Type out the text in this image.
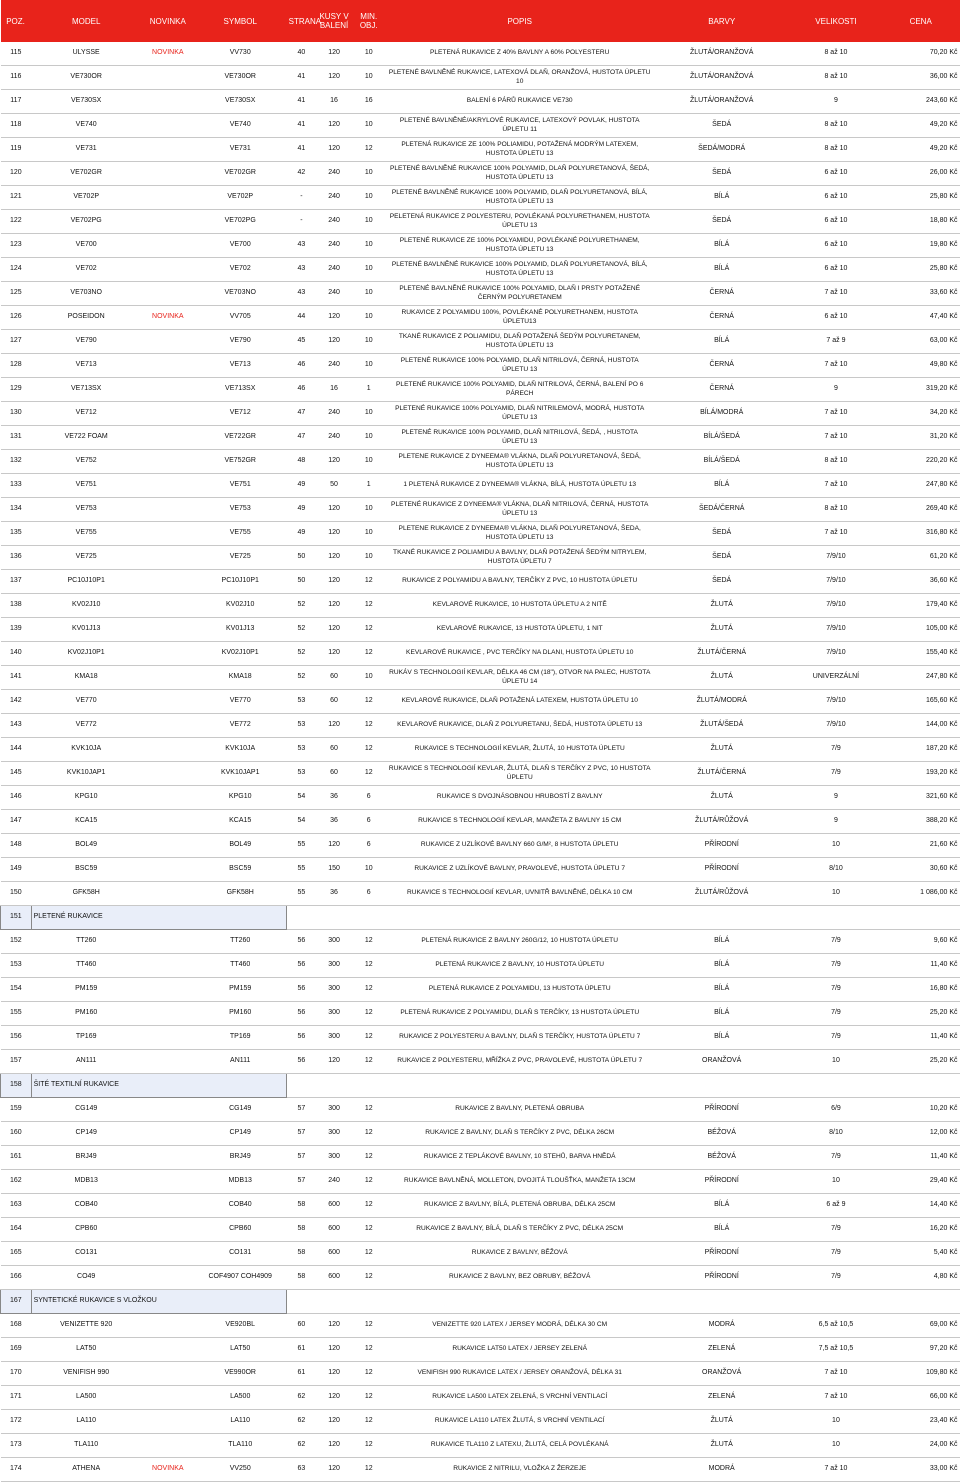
POZ.	MODEL	NOVINKA	SYMBOL	STRANA	KUSY V BALENÍ	MIN. OBJ.	POPIS	BARVY	VELIKOSTI	CENA
115	ULYSSE	NOVINKA	VV730	40	120	10	PLETENÁ RUKAVICE Z 40% BAVLNY A 60% POLYESTERU	ŽLUTÁ/ORANŽOVÁ	8 až 10	70,20 Kč
116	VE730OR		VE730OR	41	120	10	PLETENÉ BAVLNĚNÉ RUKAVICE, LATEXOVÁ DLAŇ, ORANŽOVÁ, HUSTOTA ÚPLETU 10	ŽLUTÁ/ORANŽOVÁ	8 až 10	36,00 Kč
117	VE730SX		VE730SX	41	16	16	BALENÍ 6 PÁRŮ RUKAVICE VE730	ŽLUTÁ/ORANŽOVÁ	9	243,60 Kč
118	VE740		VE740	41	120	10	PLETENÉ BAVLNĚNÉ/AKRYLOVÉ RUKAVICE, LATEXOVÝ POVLAK, HUSTOTA ÚPLETU 11	ŠEDÁ	8 až 10	49,20 Kč
119	VE731		VE731	41	120	12	PLETENÁ RUKAVICE ZE 100% POLIAMIDU, POTAŽENÁ MODRÝM LATEXEM, HUSTOTA ÚPLETU 13	ŠEDÁ/MODRÁ	8 až 10	49,20 Kč
120	VE702GR		VE702GR	42	240	10	PLETENÉ BAVLNĚNÉ RUKAVICE 100% POLYAMID, DLAŇ POLYURETANOVÁ, ŠEDÁ, HUSTOTA ÚPLETU 13	ŠEDÁ	6 až 10	26,00 Kč
121	VE702P		VE702P	-	240	10	PLETENÉ BAVLNĚNÉ RUKAVICE 100% POLYAMID, DLAŇ POLYURETANOVÁ, BÍLÁ, HUSTOTA ÚPLETU 13	BÍLÁ	6 až 10	25,80 Kč
122	VE702PG		VE702PG	-	240	10	PELETENÁ RUKAVICE Z POLYESTERU, POVLÉKANÁ POLYURETHANEM, HUSTOTA ÚPLETU 13	ŠEDÁ	6 až 10	18,80 Kč
123	VE700		VE700	43	240	10	PLETENÉ RUKAVICE ZE 100% POLYAMIDU, POVLÉKANÉ POLYURETHANEM, HUSTOTA ÚPLETU 13	BÍLÁ	6 až 10	19,80 Kč
124	VE702		VE702	43	240	10	PLETENÉ BAVLNĚNÉ RUKAVICE 100% POLYAMID, DLAŇ POLYURETANOVÁ, BÍLÁ, HUSTOTA ÚPLETU 13	BÍLÁ	6 až 10	25,80 Kč
125	VE703NO		VE703NO	43	240	10	PLETENÉ BAVLNĚNÉ RUKAVICE 100% POLYAMID, DLAŇ I PRSTY POTAŽENÉ ČERNÝM POLYURETANEM	ČERNÁ	7 až 10	33,60 Kč
126	POSEIDON	NOVINKA	VV705	44	120	10	RUKAVICE Z POLYAMIDU 100%, POVLÉKANÉ POLYURETHANEM, HUSTOTA ÚPLETU13	ČERNÁ	6 až 10	47,40 Kč
127	VE790		VE790	45	120	10	TKANÉ RUKAVICE Z POLIAMIDU, DLAŇ POTAŽENÁ ŠEDÝM POLYURETANEM, HUSTOTA ÚPLETU 13	BÍLÁ	7 až 9	63,00 Kč
128	VE713		VE713	46	240	10	PLETENÉ RUKAVICE 100% POLYAMID, DLAŇ NITRILOVÁ, ČERNÁ, HUSTOTA ÚPLETU 13	ČERNÁ	7 až 10	49,80 Kč
129	VE713SX		VE713SX	46	16	1	PLETENÉ RUKAVICE 100% POLYAMID, DLAŇ NITRILOVÁ, ČERNÁ, BALENÍ PO 6 PÁRECH	ČERNÁ	9	319,20 Kč
130	VE712		VE712	47	240	10	PLETENÉ RUKAVICE 100% POLYAMID, DLAŇ NITRILEMOVÁ, MODRÁ, HUSTOTA ÚPLETU 13	BÍLÁ/MODRÁ	7 až 10	34,20 Kč
131	VE722 FOAM		VE722GR	47	240	10	PLETENÉ RUKAVICE 100% POLYAMID, DLAŇ NITRILOVÁ, ŠEDÁ, , HUSTOTA ÚPLETU 13	BÍLÁ/ŠEDÁ	7 až 10	31,20 Kč
132	VE752		VE752GR	48	120	10	PLETENE RUKAVICE Z DYNEEMA® VLÁKNA, DLAŇ POLYURETANOVÁ, ŠEDÁ, HUSTOTA ÚPLETU 13	BÍLÁ/ŠEDÁ	8 až 10	220,20 Kč
133	VE751		VE751	49	50	1	1 PLETENÁ RUKAVICE Z DYNEEMA® VLÁKNA, BÍLÁ, HUSTOTA ÚPLETU 13	BÍLÁ	7 až 10	247,80 Kč
134	VE753		VE753	49	120	10	PLETENÉ RUKAVICE Z DYNEEMA® VLÁKNA, DLAŇ NITRILOVÁ, ČERNÁ, HUSTOTA ÚPLETU 13	ŠEDÁ/ČERNÁ	8 až 10	269,40 Kč
135	VE755		VE755	49	120	10	PLETENE RUKAVICE Z DYNEEMA® VLÁKNA, DLAŇ POLYURETANOVÁ, ŠEDA, HUSTOTA ÚPLETU 13	ŠEDÁ	7 až 10	316,80 Kč
136	VE725		VE725	50	120	10	TKANÉ RUKAVICE Z POLIAMIDU A BAVLNY, DLAŇ POTAŽENÁ ŠEDÝM NITRYLEM, HUSTOTA ÚPLETU 7	ŠEDÁ	7/9/10	61,20 Kč
137	PC10J10P1		PC10J10P1	50	120	12	RUKAVICE Z POLYAMIDU A BAVLNY, TERČÍKY Z PVC, 10 HUSTOTA ÚPLETU	ŠEDÁ	7/9/10	36,60 Kč
138	KV02J10		KV02J10	52	120	12	KEVLAROVÉ RUKAVICE, 10 HUSTOTA ÚPLETU A 2 NITĚ	ŽLUTÁ	7/9/10	179,40 Kč
139	KV01J13		KV01J13	52	120	12	KEVLAROVÉ RUKAVICE, 13 HUSTOTA ÚPLETU, 1 NIT	ŽLUTÁ	7/9/10	105,00 Kč
140	KV02J10P1		KV02J10P1	52	120	12	KEVLAROVÉ RUKAVICE , PVC TERČÍKY NA DLANI, HUSTOTA ÚPLETU 10	ŽLUTÁ/ČERNÁ	7/9/10	155,40 Kč
141	KMA18		KMA18	52	60	10	RUKÁV S TECHNOLOGIÍ KEVLAR, DÉLKA 46 CM (18"), OTVOR NA PALEC, HUSTOTA ÚPLETU 14	ŽLUTÁ	UNIVERZÁLNÍ	247,80 Kč
142	VE770		VE770	53	60	12	KEVLAROVÉ RUKAVICE, DLAŇ POTAŽENÁ LATEXEM, HUSTOTA ÚPLETU 10	ŽLUTÁ/MODRÁ	7/9/10	165,60 Kč
143	VE772		VE772	53	120	12	KEVLAROVÉ RUKAVICE, DLAŇ Z POLYURETANU, ŠEDÁ, HUSTOTA ÚPLETU 13	ŽLUTÁ/ŠEDÁ	7/9/10	144,00 Kč
144	KVK10JA		KVK10JA	53	60	12	RUKAVICE S TECHNOLOGIÍ KEVLAR, ŽLUTÁ, 10 HUSTOTA ÚPLETU	ŽLUTÁ	7/9	187,20 Kč
145	KVK10JAP1		KVK10JAP1	53	60	12	RUKAVICE S TECHNOLOGIÍ KEVLAR, ŽLUTÁ, DLAŇ S TERČÍKY Z PVC, 10 HUSTOTA ÚPLETU	ŽLUTÁ/ČERNÁ	7/9	193,20 Kč
146	KPG10		KPG10	54	36	6	RUKAVICE S DVOJNÁSOBNOU HRUBOSTÍ Z BAVLNY	ŽLUTÁ	9	321,60 Kč
147	KCA15		KCA15	54	36	6	RUKAVICE S TECHNOLOGIÍ KEVLAR, MANŽETA Z BAVLNY 15 CM	ŽLUTÁ/RŮŽOVÁ	9	388,20 Kč
148	BOL49		BOL49	55	120	6	RUKAVICE Z UZLÍKOVÉ BAVLNY 660 G/M², 8 HUSTOTA ÚPLETU	PŘÍRODNÍ	10	21,60 Kč
149	BSC59		BSC59	55	150	10	RUKAVICE Z UZLÍKOVÉ BAVLNY, PRAVOLEVÉ, HUSTOTA ÚPLETU 7	PŘÍRODNÍ	8/10	30,60 Kč
150	GFK58H		GFK58H	55	36	6	RUKAVICE S TECHNOLOGIÍ KEVLAR, UVNITŘ BAVLNĚNÉ, DÉLKA 10 CM	ŽLUTÁ/RŮŽOVÁ	10	1 086,00 Kč
151	PLETENÉ RUKAVICE									
152	TT260		TT260	56	300	12	PLETENÁ RUKAVICE Z BAVLNY 260G/12, 10 HUSTOTA ÚPLETU	BÍLÁ	7/9	9,60 Kč
153	TT460		TT460	56	300	12	PLETENÁ RUKAVICE Z BAVLNY, 10 HUSTOTA ÚPLETU	BÍLÁ	7/9	11,40 Kč
154	PM159		PM159	56	300	12	PLETENÁ RUKAVICE Z POLYAMIDU, 13 HUSTOTA ÚPLETU	BÍLÁ	7/9	16,80 Kč
155	PM160		PM160	56	300	12	PLETENÁ RUKAVICE Z POLYAMIDU, DLAŇ S TERČÍKY, 13 HUSTOTA ÚPLETU	BÍLÁ	7/9	25,20 Kč
156	TP169		TP169	56	300	12	RUKAVICE Z POLYESTERU A BAVLNY, DLAŇ S TERČÍKY, HUSTOTA ÚPLETU 7	BÍLÁ	7/9	11,40 Kč
157	AN111		AN111	56	120	12	RUKAVICE Z POLYESTERU, MŘÍŽKA Z PVC, PRAVOLEVÉ, HUSTOTA ÚPLETU 7	ORANŽOVÁ	10	25,20 Kč
158	ŠITÉ TEXTILNÍ RUKAVICE									
159	CG149		CG149	57	300	12	RUKAVICE Z BAVLNY, PLETENÁ OBRUBA	PŘÍRODNÍ	6/9	10,20 Kč
160	CP149		CP149	57	300	12	RUKAVICE Z BAVLNY, DLAŇ S TERČÍKY Z PVC, DÉLKA 26CM	BÉŽOVÁ	8/10	12,00 Kč
161	BRJ49		BRJ49	57	300	12	RUKAVICE Z TEPLÁKOVÉ BAVLNY, 10 STEHŮ, BARVA HNĚDÁ	BÉŽOVÁ	7/9	11,40 Kč
162	MDB13		MDB13	57	240	12	RUKAVICE BAVLNĚNÁ, MOLLETON, DVOJITÁ TLOUŠŤKA, MANŽETA 13CM	PŘÍRODNÍ	10	29,40 Kč
163	COB40		COB40	58	600	12	RUKAVICE Z BAVLNY, BÍLÁ, PLETENÁ OBRUBA, DÉLKA 25CM	BÍLÁ	6 až 9	14,40 Kč
164	CPB60		CPB60	58	600	12	RUKAVICE Z BAVLNY, BÍLÁ, DLAŇ S TERČÍKY Z PVC, DÉLKA 25CM	BÍLÁ	7/9	16,20 Kč
165	CO131		CO131	58	600	12	RUKAVICE Z BAVLNY, BĚŽOVÁ	PŘÍRODNÍ	7/9	5,40 Kč
166	CO49		COF4907 COH4909	58	600	12	RUKAVICE Z BAVLNY, BEZ OBRUBY, BÉŽOVÁ	PŘÍRODNÍ	7/9	4,80 Kč
167	SYNTETICKÉ RUKAVICE S VLOŽKOU									
168	VENIZETTE 920		VE920BL	60	120	12	VENIZETTE 920 LATEX / JERSEY MODRÁ, DÉLKA 30 CM	MODRÁ	6,5 až 10,5	69,00 Kč
169	LAT50		LAT50	61	120	12	RUKAVICE LAT50 LATEX / JERSEY ZELENÁ	ZELENÁ	7,5 až 10,5	97,20 Kč
170	VENIFISH 990		VE990OR	61	120	12	VENIFISH 990 RUKAVICE LATEX / JERSEY ORANŽOVÁ, DÉLKA 31	ORANŽOVÁ	7 až 10	109,80 Kč
171	LA500		LA500	62	120	12	RUKAVICE LA500 LATEX ZELENÁ, S VRCHNÍ VENTILACÍ	ZELENÁ	7 až 10	66,00 Kč
172	LA110		LA110	62	120	12	RUKAVICE LA110 LATEX ŽLUTÁ, S VRCHNÍ VENTILACÍ	ŽLUTÁ	10	23,40 Kč
173	TLA110		TLA110	62	120	12	RUKAVICE TLA110 Z LATEXU, ŽLUTÁ, CELÁ POVLÉKANÁ	ŽLUTÁ	10	24,00 Kč
174	ATHENA	NOVINKA	VV250	63	120	12	RUKAVICE Z NITRILU, VLOŽKA Z ŽERZEJE	MODRÁ	7 až 10	33,00 Kč
